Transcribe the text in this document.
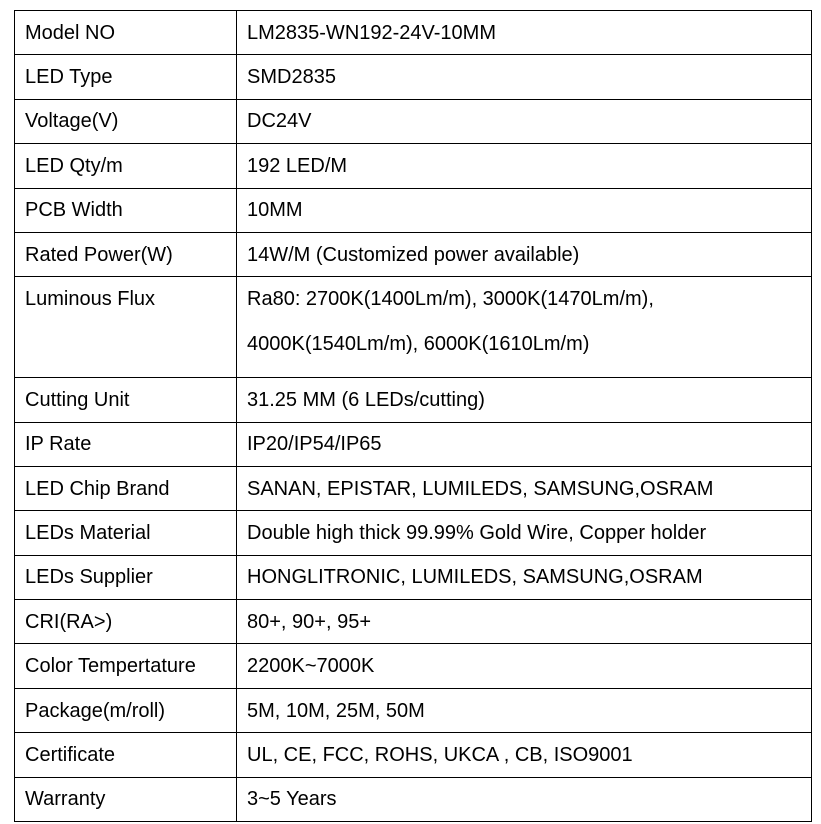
Model NO	LM2835-WN192-24V-10MM
LED Type	SMD2835
Voltage(V)	DC24V
LED Qty/m	192 LED/M
PCB Width	10MM
Rated Power(W)	14W/M (Customized power available)
Luminous Flux	Ra80: 2700K(1400Lm/m), 3000K(1470Lm/m),
4000K(1540Lm/m), 6000K(1610Lm/m)

Cutting Unit	31.25 MM (6 LEDs/cutting)
IP Rate	IP20/IP54/IP65
LED Chip Brand	SANAN, EPISTAR, LUMILEDS, SAMSUNG,OSRAM
LEDs Material	Double high thick 99.99% Gold Wire, Copper holder
LEDs Supplier	HONGLITRONIC, LUMILEDS, SAMSUNG,OSRAM
CRI(RA>)	80+, 90+, 95+
Color Tempertature	2200K~7000K
Package(m/roll)	5M, 10M, 25M, 50M
Certificate	UL, CE, FCC, ROHS, UKCA , CB, ISO9001
Warranty	3~5 Years
